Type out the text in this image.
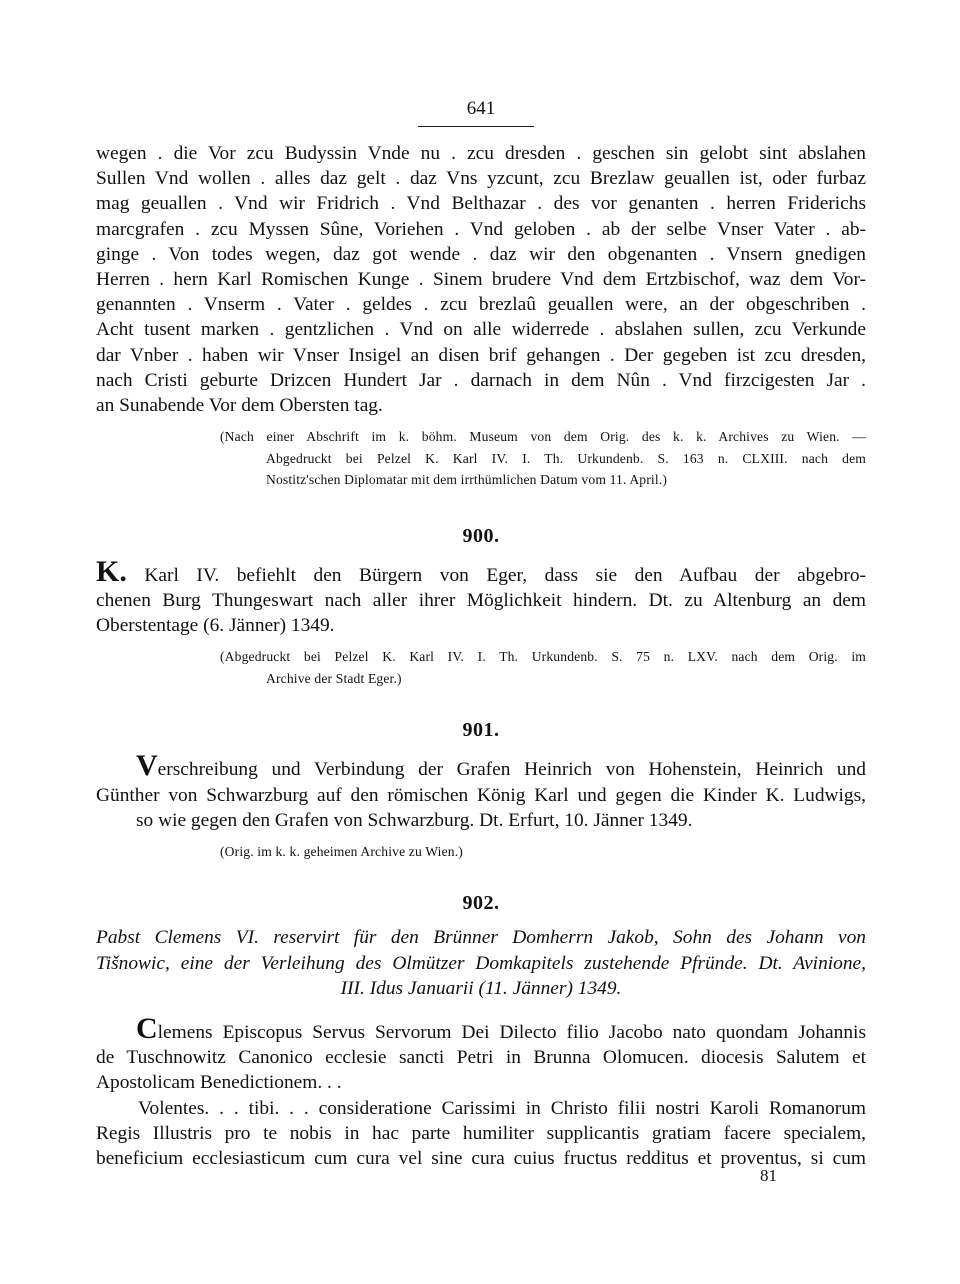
641
wegen . die Vor zcu Budyssin Vnde nu . zcu dresden . geschen sin gelobt sint abslahen
Sullen Vnd wollen . alles daz gelt . daz Vns yzcunt, zcu Brezlaw geuallen ist, oder furbaz
mag geuallen . Vnd wir Fridrich . Vnd Belthazar . des vor genanten . herren Friderichs
marcgrafen . zcu Myssen Sûne, Voriehen . Vnd geloben . ab der selbe Vnser Vater . ab-
ginge . Von todes wegen, daz got wende . daz wir den obgenanten . Vnsern gnedigen
Herren . hern Karl Romischen Kunge . Sinem brudere Vnd dem Ertzbischof, waz dem Vor-
genannten . Vnserm . Vater . geldes . zcu brezlaû geuallen were, an der obgeschriben .
Acht tusent marken . gentzlichen . Vnd on alle widerrede . abslahen sullen, zcu Verkunde
dar Vnber . haben wir Vnser Insigel an disen brif gehangen . Der gegeben ist zcu dresden,
nach Cristi geburte Drizcen Hundert Jar . darnach in dem Nûn . Vnd firzcigesten Jar .
an Sunabende Vor dem Obersten tag.
(Nach einer Abschrift im k. böhm. Museum von dem Orig. des k. k. Archives zu Wien. —
Abgedruckt bei Pelzel K. Karl IV. I. Th. Urkundenb. S. 163 n. CLXIII. nach dem
Nostitz'schen Diplomatar mit dem irrthümlichen Datum vom 11. April.)
900.
K. Karl IV. befiehlt den Bürgern von Eger, dass sie den Aufbau der abgebro-
chenen Burg Thungeswart nach aller ihrer Möglichkeit hindern. Dt. zu Altenburg an dem
Oberstentage (6. Jänner) 1349.
(Abgedruckt bei Pelzel K. Karl IV. I. Th. Urkundenb. S. 75 n. LXV. nach dem Orig. im
Archive der Stadt Eger.)
901.
Verschreibung und Verbindung der Grafen Heinrich von Hohenstein, Heinrich und
Günther von Schwarzburg auf den römischen König Karl und gegen die Kinder K. Ludwigs,
so wie gegen den Grafen von Schwarzburg. Dt. Erfurt, 10. Jänner 1349.
(Orig. im k. k. geheimen Archive zu Wien.)
902.
Pabst Clemens VI. reservirt für den Brünner Domherrn Jakob, Sohn des Johann von
Tišnowic, eine der Verleihung des Olmützer Domkapitels zustehende Pfründe. Dt. Avinione,
III. Idus Januarii (11. Jänner) 1349.
Clemens Episcopus Servus Servorum Dei Dilecto filio Jacobo nato quondam Johannis
de Tuschnowitz Canonico ecclesie sancti Petri in Brunna Olomucen. diocesis Salutem et
Apostolicam Benedictionem. . .
Volentes. . . tibi. . . consideratione Carissimi in Christo filii nostri Karoli Romanorum
Regis Illustris pro te nobis in hac parte humiliter supplicantis gratiam facere specialem,
beneficium ecclesiasticum cum cura vel sine cura cuius fructus redditus et proventus, si cum
81
